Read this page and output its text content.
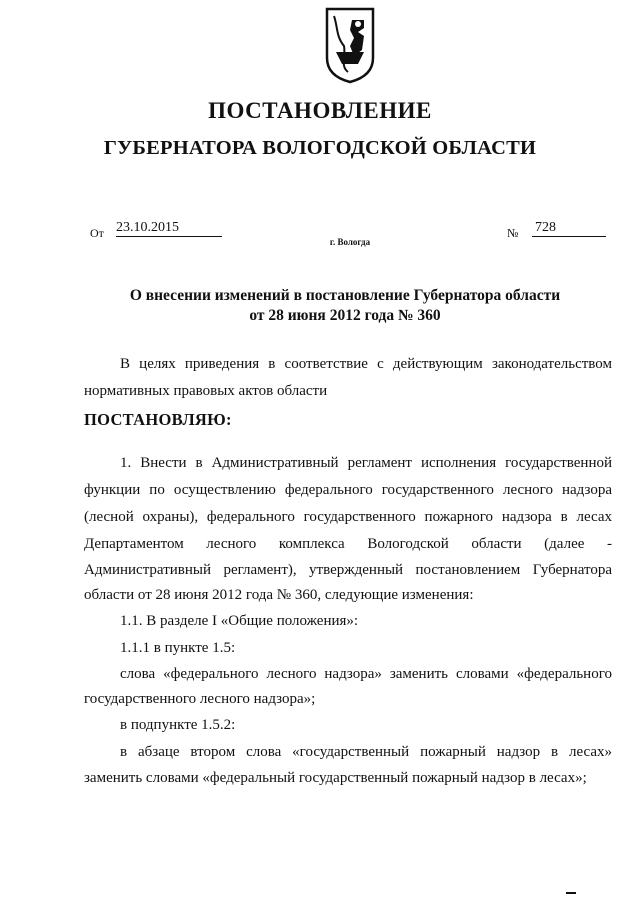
ПОСТАНОВЛЕНИЕ
ГУБЕРНАТОРА ВОЛОГОДСКОЙ ОБЛАСТИ
От 23.10.2015	№ 728
г. Вологда
О внесении изменений в постановление Губернатора области
от 28 июня 2012 года № 360
В целях приведения в соответствие с действующим законодательством
нормативных правовых актов области
ПОСТАНОВЛЯЮ:
1. Внести в Административный регламент исполнения государственной
функции по осуществлению федерального государственного лесного надзора
(лесной охраны), федерального государственного пожарного надзора в лесах
Департаментом лесного комплекса Вологодской области (далее -
Административный регламент), утвержденный постановлением Губернатора
области от 28 июня 2012 года № 360, следующие изменения:
1.1. В разделе I «Общие положения»:
1.1.1 в пункте 1.5:
слова «федерального лесного надзора» заменить словами «федерального
государственного лесного надзора»;
в подпункте 1.5.2:
в абзаце втором слова «государственный пожарный надзор в лесах»
заменить словами «федеральный государственный пожарный надзор в лесах»;
